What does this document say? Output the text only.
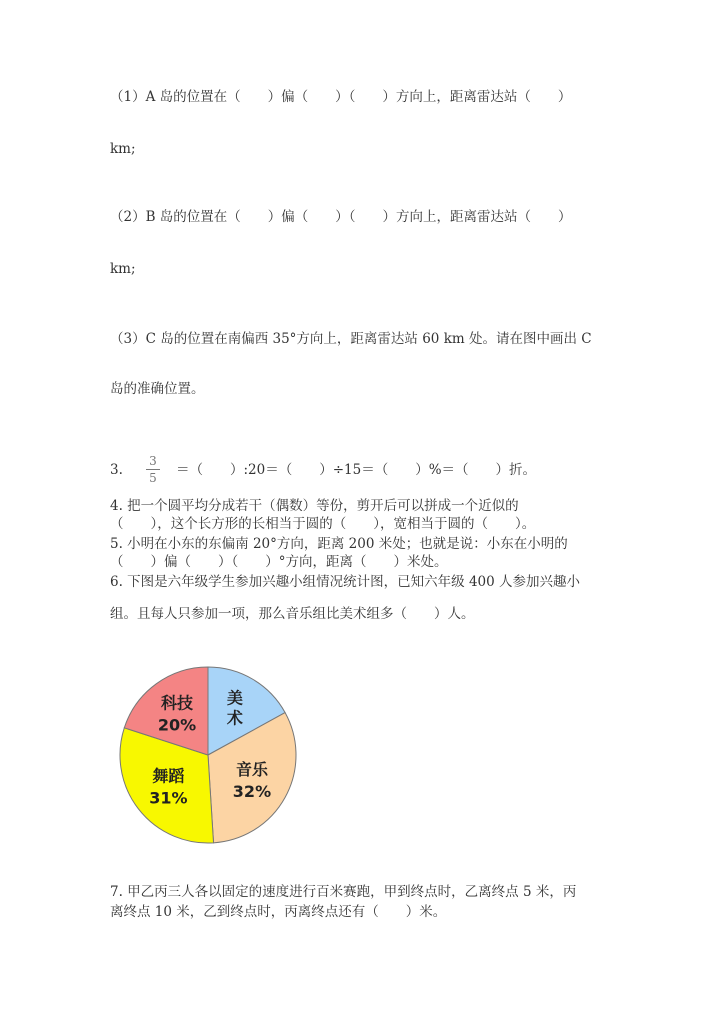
（1）A 岛的位置在（　　）偏（　　）（　　）方向上，距离雷达站（　　）
km;
（2）B 岛的位置在（　　）偏（　　）（　　）方向上，距离雷达站（　　）
km;
（3）C 岛的位置在南偏西 35°方向上，距离雷达站 60 km 处。请在图中画出 C
岛的准确位置。
3.
3
5 ＝（　　）:20＝（　　）÷15＝（　　）%＝（　　）折。
4. 把一个圆平均分成若干（偶数）等份，剪开后可以拼成一个近似的
（　　），这个长方形的长相当于圆的（　　），宽相当于圆的（　　）。
5. 小明在小东的东偏南 20°方向，距离 200 米处；也就是说：小东在小明的
（　　）偏（　　）（　　）°方向，距离（　　）米处。
6. 下图是六年级学生参加兴趣小组情况统计图，已知六年级 400 人参加兴趣小
组。且每人只参加一项，那么音乐组比美术组多（　　）人。
美
术
音乐
32%
舞蹈
31%
科技
20%
7. 甲乙丙三人各以固定的速度进行百米赛跑，甲到终点时，乙离终点 5 米，丙
离终点 10 米，乙到终点时，丙离终点还有（　　）米。
